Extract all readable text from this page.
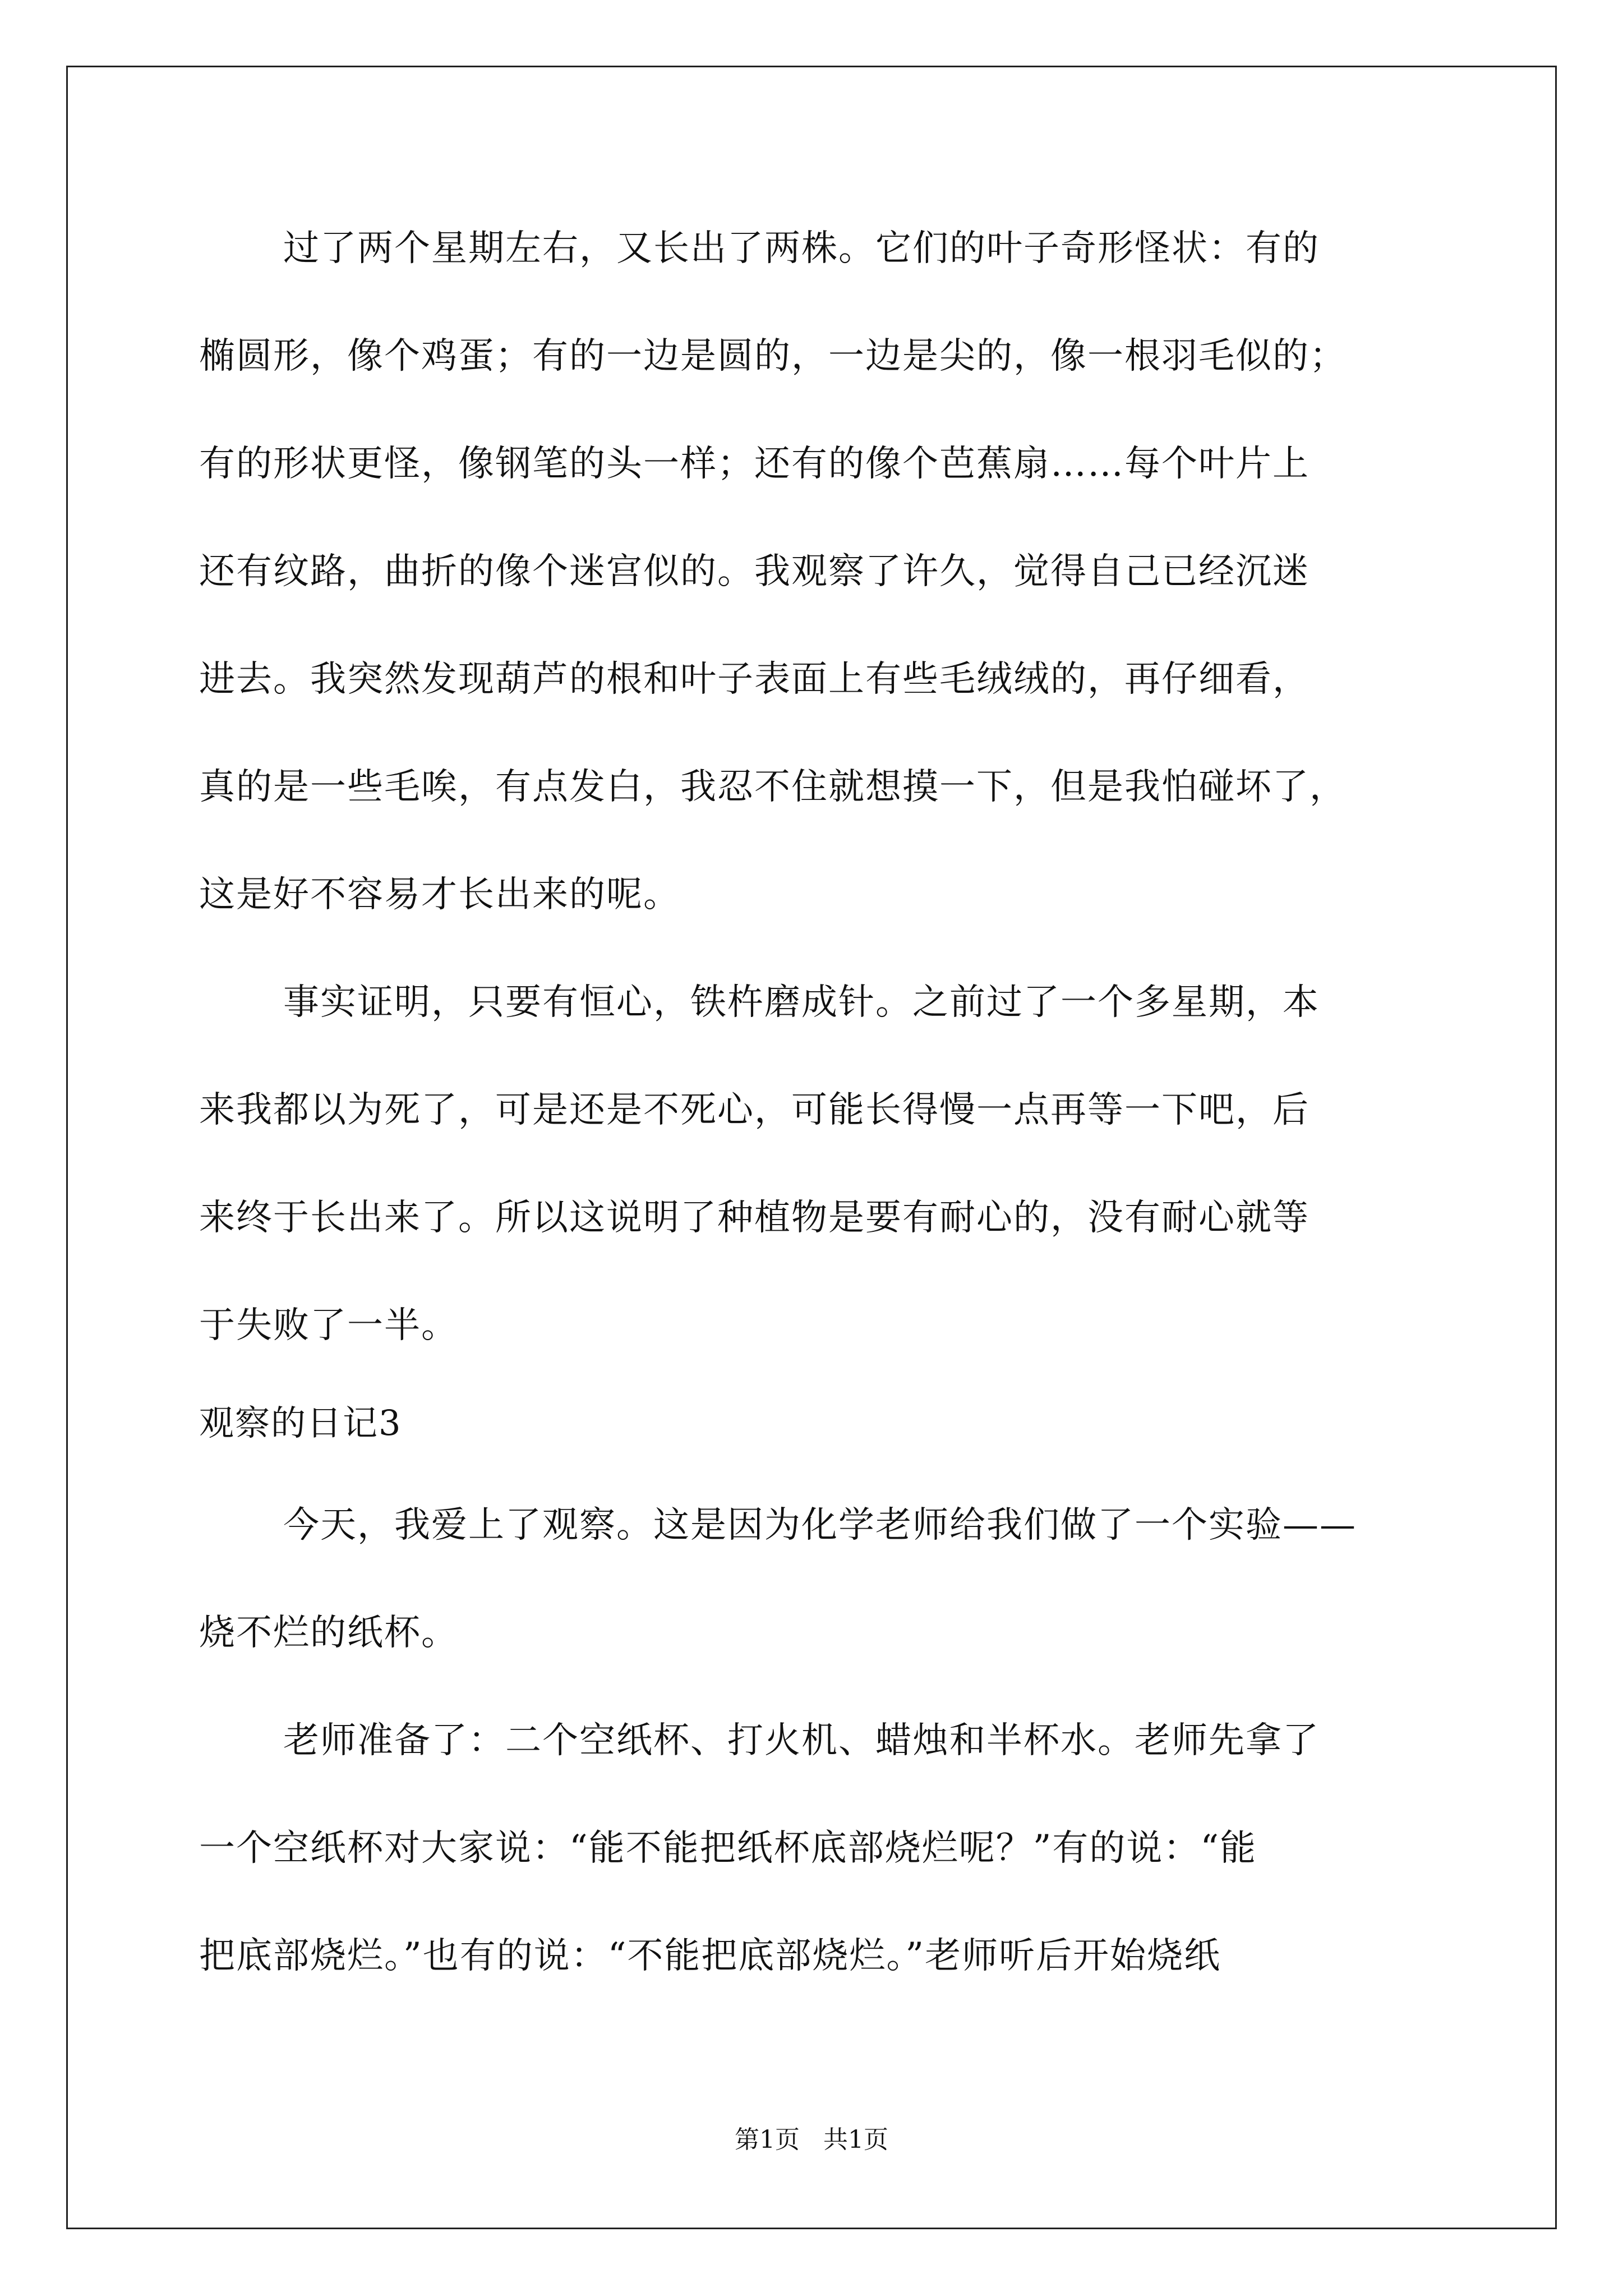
过了两个星期左右，又长出了两株。它们的叶子奇形怪状：有的
椭圆形，像个鸡蛋；有的一边是圆的，一边是尖的，像一根羽毛似的；
有的形状更怪，像钢笔的头一样；还有的像个芭蕉扇……每个叶片上
还有纹路，曲折的像个迷宫似的。我观察了许久，觉得自己已经沉迷
进去。我突然发现葫芦的根和叶子表面上有些毛绒绒的，再仔细看，
真的是一些毛唉，有点发白，我忍不住就想摸一下，但是我怕碰坏了，
这是好不容易才长出来的呢。
事实证明，只要有恒心，铁杵磨成针。之前过了一个多星期，本
来我都以为死了，可是还是不死心，可能长得慢一点再等一下吧，后
来终于长出来了。所以这说明了种植物是要有耐心的，没有耐心就等
于失败了一半。
观察的日记3
今天，我爱上了观察。这是因为化学老师给我们做了一个实验——
烧不烂的纸杯。
老师准备了：二个空纸杯、打火机、蜡烛和半杯水。老师先拿了
一个空纸杯对大家说：“能不能把纸杯底部烧烂呢？”有的说：“能
把底部烧烂。”也有的说：“不能把底部烧烂。”老师听后开始烧纸
第1页   共1页
